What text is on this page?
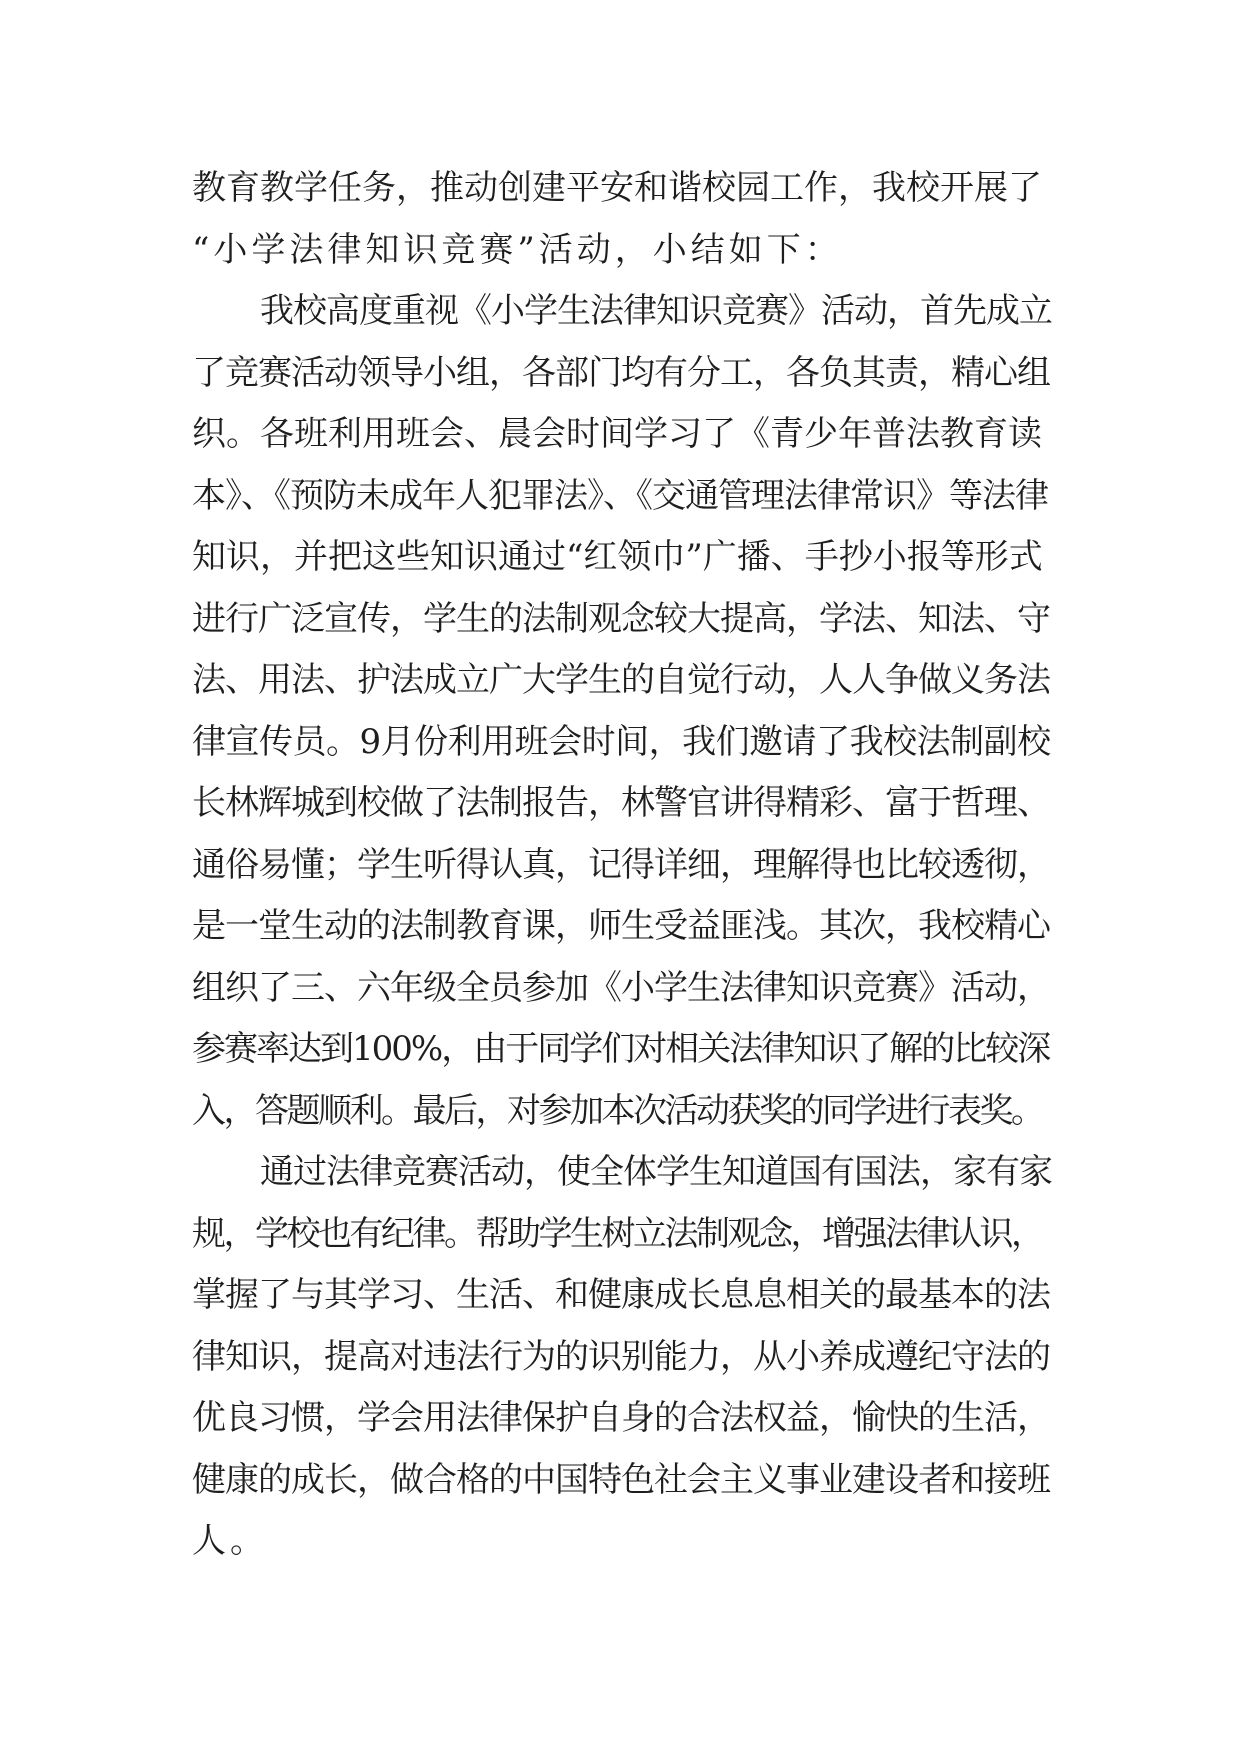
教育教学任务，推动创建平安和谐校园工作，我校开展了
“小学法律知识竞赛”活动，小结如下：
我校高度重视《小学生法律知识竞赛》活动，首先成立
了竞赛活动领导小组，各部门均有分工，各负其责，精心组
织。各班利用班会、晨会时间学习了《青少年普法教育读
本》、《预防未成年人犯罪法》、《交通管理法律常识》等法律
知识，并把这些知识通过“红领巾”广播、手抄小报等形式
进行广泛宣传，学生的法制观念较大提高，学法、知法、守
法、用法、护法成立广大学生的自觉行动，人人争做义务法
律宣传员。9月份利用班会时间，我们邀请了我校法制副校
长林辉城到校做了法制报告，林警官讲得精彩、富于哲理、
通俗易懂；学生听得认真，记得详细，理解得也比较透彻，
是一堂生动的法制教育课，师生受益匪浅。其次，我校精心
组织了三、六年级全员参加《小学生法律知识竞赛》活动，
参赛率达到100%，由于同学们对相关法律知识了解的比较深
入，答题顺利。最后，对参加本次活动获奖的同学进行表奖。
通过法律竞赛活动，使全体学生知道国有国法，家有家
规，学校也有纪律。帮助学生树立法制观念，增强法律认识，
掌握了与其学习、生活、和健康成长息息相关的最基本的法
律知识，提高对违法行为的识别能力，从小养成遵纪守法的
优良习惯，学会用法律保护自身的合法权益，愉快的生活，
健康的成长，做合格的中国特色社会主义事业建设者和接班
人。
